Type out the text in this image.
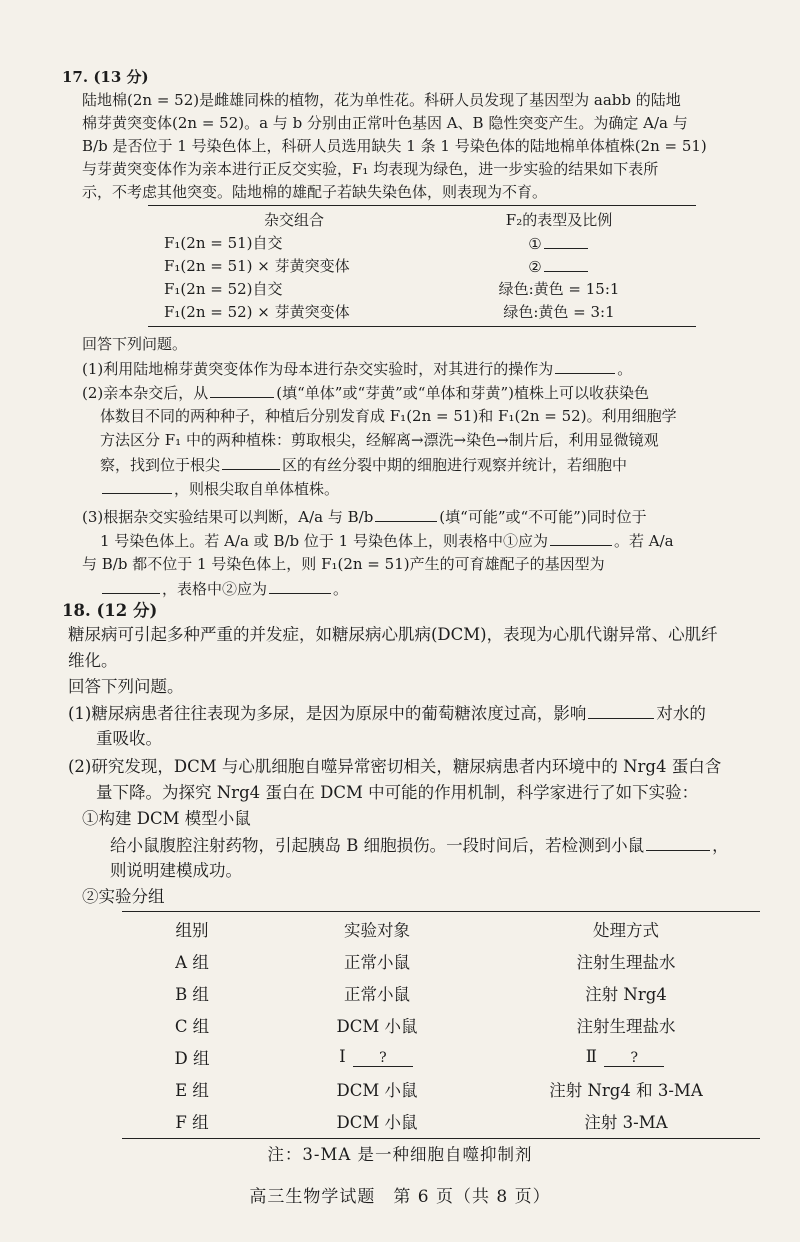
17. (13 分)
陆地棉(2n = 52)是雌雄同株的植物，花为单性花。科研人员发现了基因型为 aabb 的陆地
棉芽黄突变体(2n = 52)。a 与 b 分别由正常叶色基因 A、B 隐性突变产生。为确定 A/a 与
B/b 是否位于 1 号染色体上，科研人员选用缺失 1 条 1 号染色体的陆地棉单体植株(2n = 51)
与芽黄突变体作为亲本进行正反交实验，F₁ 均表现为绿色，进一步实验的结果如下表所
示，不考虑其他突变。陆地棉的雄配子若缺失染色体，则表现为不育。
杂交组合	F₂的表型及比例
F₁(2n = 51)自交	①
F₁(2n = 51) × 芽黄突变体	②
F₁(2n = 52)自交	绿色:黄色 = 15:1
F₁(2n = 52) × 芽黄突变体	绿色:黄色 = 3:1
回答下列问题。
(1)利用陆地棉芽黄突变体作为母本进行杂交实验时，对其进行的操作为	。
(2)亲本杂交后，从	(填“单体”或“芽黄”或“单体和芽黄”)植株上可以收获染色
体数目不同的两种种子，种植后分别发育成 F₁(2n = 51)和 F₁(2n = 52)。利用细胞学
方法区分 F₁ 中的两种植株：剪取根尖，经解离→漂洗→染色→制片后，利用显微镜观
察，找到位于根尖	区的有丝分裂中期的细胞进行观察并统计，若细胞中
，则根尖取自单体植株。
(3)根据杂交实验结果可以判断，A/a 与 B/b	(填“可能”或“不可能”)同时位于
1 号染色体上。若 A/a 或 B/b 位于 1 号染色体上，则表格中①应为	。若 A/a
与 B/b 都不位于 1 号染色体上，则 F₁(2n = 51)产生的可育雄配子的基因型为
，表格中②应为	。
18. (12 分)
糖尿病可引起多种严重的并发症，如糖尿病心肌病(DCM)，表现为心肌代谢异常、心肌纤
维化。
回答下列问题。
(1)糖尿病患者往往表现为多尿，是因为原尿中的葡萄糖浓度过高，影响	对水的
重吸收。
(2)研究发现，DCM 与心肌细胞自噬异常密切相关，糖尿病患者内环境中的 Nrg4 蛋白含
量下降。为探究 Nrg4 蛋白在 DCM 中可能的作用机制，科学家进行了如下实验：
①构建 DCM 模型小鼠
给小鼠腹腔注射药物，引起胰岛 B 细胞损伤。一段时间后，若检测到小鼠	，
则说明建模成功。
②实验分组
组别	实验对象	处理方式
A 组	正常小鼠	注射生理盐水
B 组	正常小鼠	注射 Nrg4
C 组	DCM 小鼠	注射生理盐水
D 组	I ?	Ⅱ ?
E 组	DCM 小鼠	注射 Nrg4 和 3-MA
F 组	DCM 小鼠	注射 3-MA
注：3-MA 是一种细胞自噬抑制剂
高三生物学试题　第 6 页（共 8 页）
